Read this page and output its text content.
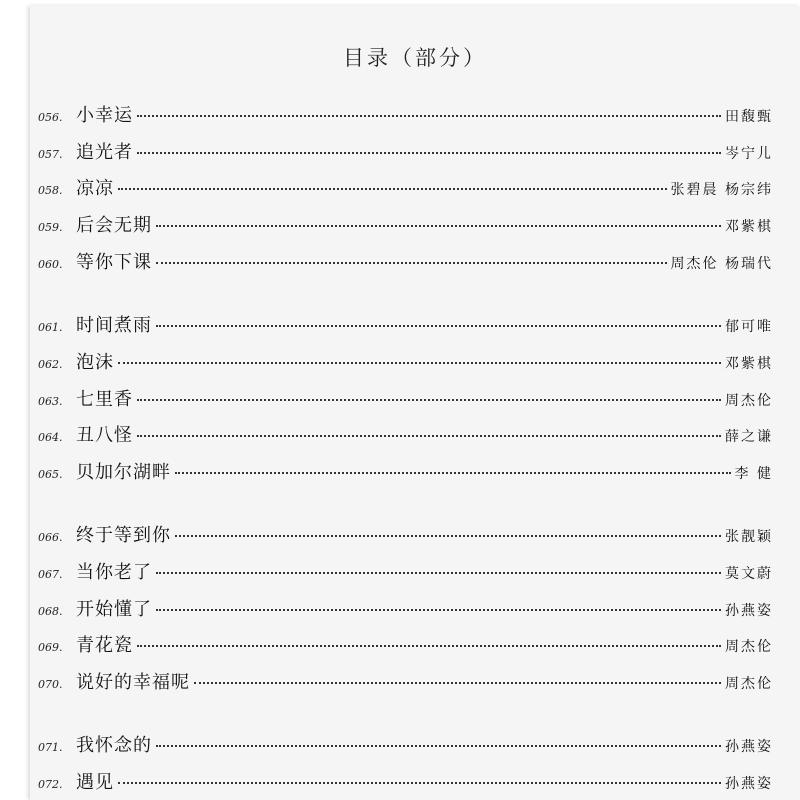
目录（部分）
056. 小幸运	田馥甄
057. 追光者	岑宁儿
058. 凉凉	张碧晨 杨宗纬
059. 后会无期	邓紫棋
060. 等你下课	周杰伦 杨瑞代
061. 时间煮雨	郁可唯
062. 泡沫	邓紫棋
063. 七里香	周杰伦
064. 丑八怪	薛之谦
065. 贝加尔湖畔	李 健
066. 终于等到你	张靓颖
067. 当你老了	莫文蔚
068. 开始懂了	孙燕姿
069. 青花瓷	周杰伦
070. 说好的幸福呢	周杰伦
071. 我怀念的	孙燕姿
072. 遇见	孙燕姿
